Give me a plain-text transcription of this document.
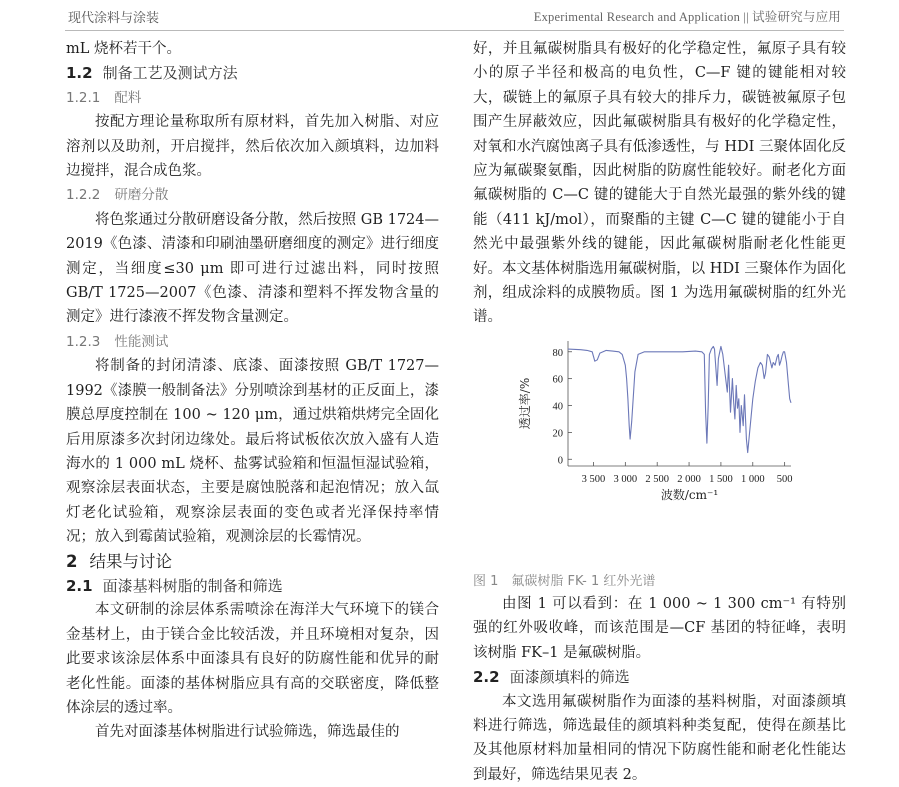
现代涂料与涂装	Experimental Research and Application || 试验研究与应用

mL 烧杯若干个。

1.2 制备工艺及测试方法
1.2.1 配料

按配方理论量称取所有原材料，首先加入树脂、对应溶剂以及助剂，开启搅拌，然后依次加入颜填料，边加料边搅拌，混合成色浆。

1.2.2 研磨分散

将色浆通过分散研磨设备分散，然后按照 GB 1724—2019《色漆、清漆和印刷油墨研磨细度的测定》进行细度测定，当细度≤30 μm 即可进行过滤出料，同时按照 GB/T 1725—2007《色漆、清漆和塑料不挥发物含量的测定》进行漆液不挥发物含量测定。

1.2.3 性能测试

将制备的封闭清漆、底漆、面漆按照 GB/T 1727—1992《漆膜一般制备法》分别喷涂到基材的正反面上，漆膜总厚度控制在 100 ~ 120 μm，通过烘箱烘烤完全固化后用原漆多次封闭边缘处。最后将试板依次放入盛有人造海水的 1 000 mL 烧杯、盐雾试验箱和恒温恒湿试验箱，观察涂层表面状态，主要是腐蚀脱落和起泡情况；放入氙灯老化试验箱，观察涂层表面的变色或者光泽保持率情况；放入到霉菌试验箱，观测涂层的长霉情况。

2 结果与讨论
2.1 面漆基料树脂的制备和筛选

本文研制的涂层体系需喷涂在海洋大气环境下的镁合金基材上，由于镁合金比较活泼，并且环境相对复杂，因此要求该涂层体系中面漆具有良好的防腐性能和优异的耐老化性能。面漆的基体树脂应具有高的交联密度，降低整体涂层的透过率。

首先对面漆基体树脂进行试验筛选，筛选最佳的

好，并且氟碳树脂具有极好的化学稳定性，氟原子具有较小的原子半径和极高的电负性，C—F 键的键能相对较大，碳链上的氟原子具有较大的排斥力，碳链被氟原子包围产生屏蔽效应，因此氟碳树脂具有极好的化学稳定性，对氧和水汽腐蚀离子具有低渗透性，与 HDI 三聚体固化反应为氟碳聚氨酯，因此树脂的防腐性能较好。耐老化方面氟碳树脂的 C—C 键的键能大于自然光最强的紫外线的键能（411 kJ/mol），而聚酯的主键 C—C 键的键能小于自然光中最强紫外线的键能，因此氟碳树脂耐老化性能更好。本文基体树脂选用氟碳树脂，以 HDI 三聚体作为固化剂，组成涂料的成膜物质。图 1 为选用氟碳树脂的红外光谱。

0
20
40
60
80
3 500 3 000 2 500 2 000 1 500 1 000 500
透过率/%
波数/cm⁻¹

图 1　氟碳树脂 FK- 1 红外光谱

由图 1 可以看到：在 1 000 ~ 1 300 cm⁻¹ 有特别强的红外吸收峰，而该范围是—CF 基团的特征峰，表明该树脂 FK–1 是氟碳树脂。

2.2 面漆颜填料的筛选

本文选用氟碳树脂作为面漆的基料树脂，对面漆颜填料进行筛选，筛选最佳的颜填料种类复配，使得在颜基比及其他原材料加量相同的情况下防腐性能和耐老化性能达到最好，筛选结果见表 2。
